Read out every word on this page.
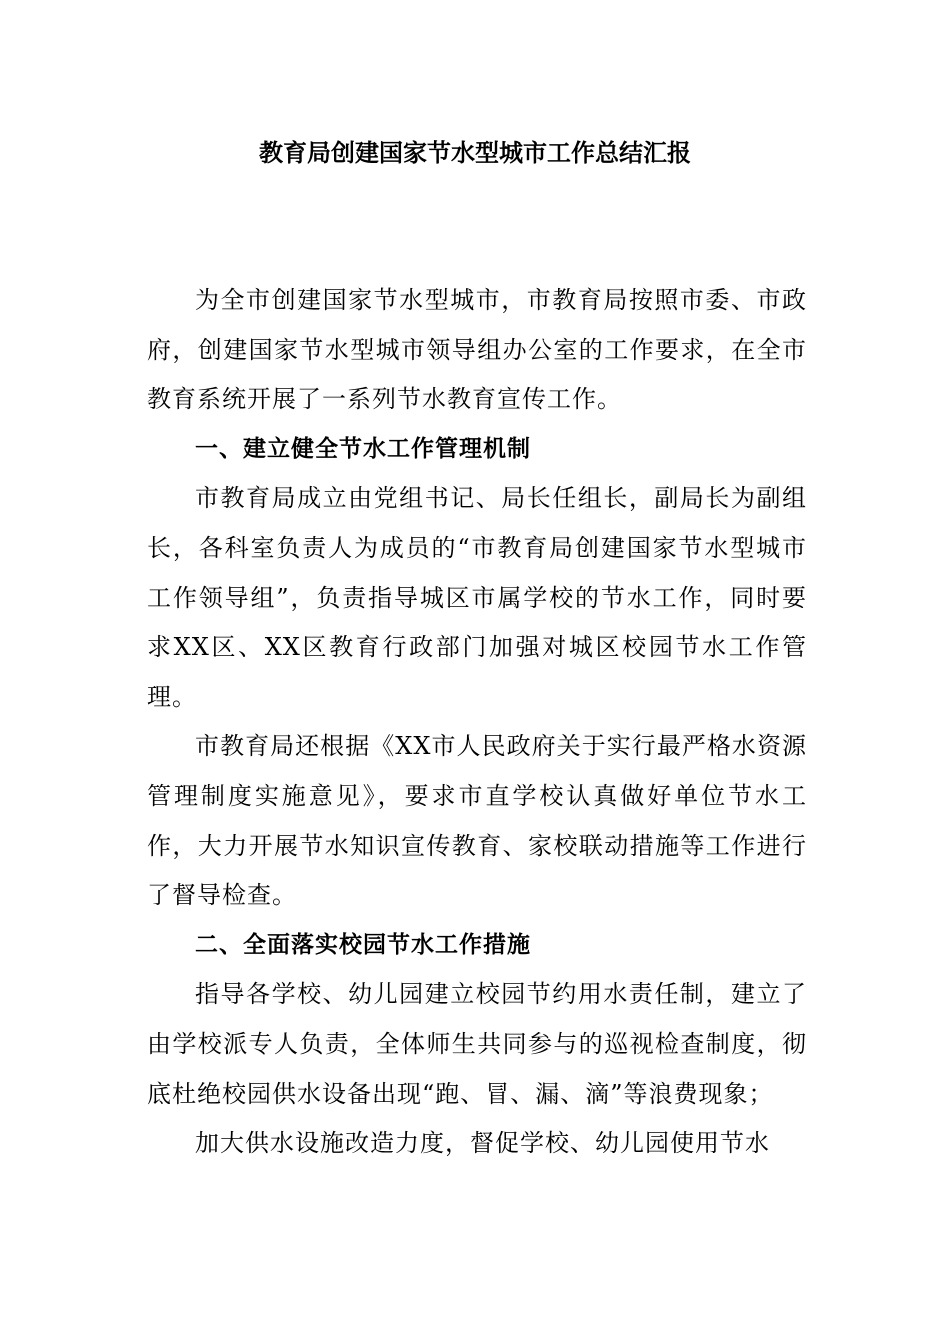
教育局创建国家节水型城市工作总结汇报

为全市创建国家节水型城市，市教育局按照市委、市政府，创建国家节水型城市领导组办公室的工作要求，在全市教育系统开展了一系列节水教育宣传工作。

一、建立健全节水工作管理机制

市教育局成立由党组书记、局长任组长，副局长为副组长，各科室负责人为成员的“市教育局创建国家节水型城市工作领导组”，负责指导城区市属学校的节水工作，同时要求XX区、XX区教育行政部门加强对城区校园节水工作管理。

市教育局还根据《XX市人民政府关于实行最严格水资源管理制度实施意见》，要求市直学校认真做好单位节水工作，大力开展节水知识宣传教育、家校联动措施等工作进行了督导检查。

二、全面落实校园节水工作措施

指导各学校、幼儿园建立校园节约用水责任制，建立了由学校派专人负责，全体师生共同参与的巡视检查制度，彻底杜绝校园供水设备出现“跑、冒、漏、滴”等浪费现象；

加大供水设施改造力度，督促学校、幼儿园使用节水
